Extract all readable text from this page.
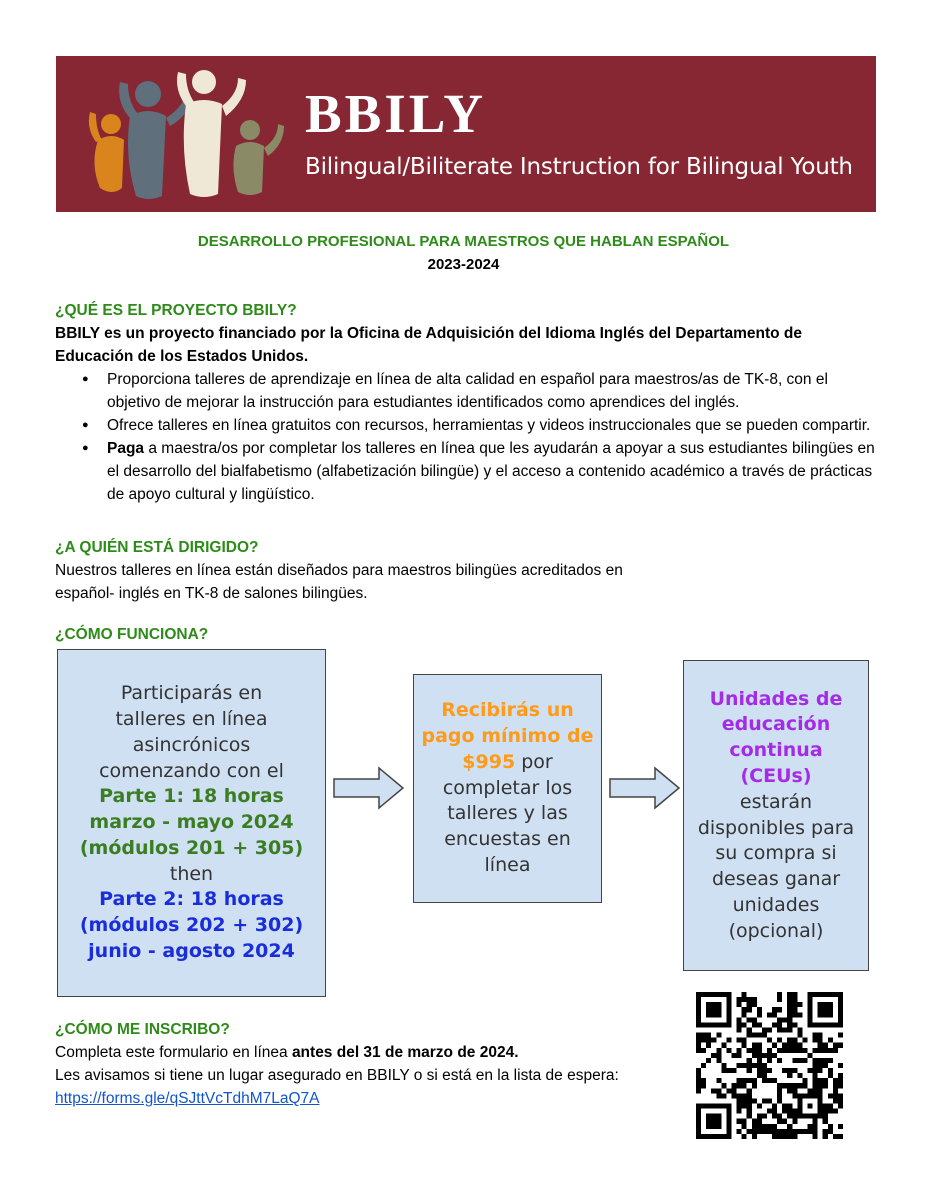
BBILY
Bilingual/Biliterate Instruction for Bilingual Youth
DESARROLLO PROFESIONAL PARA MAESTROS QUE HABLAN ESPAÑOL
2023-2024
¿QUÉ ES EL PROYECTO BBILY?
BBILY es un proyecto financiado por la Oficina de Adquisición del Idioma Inglés del Departamento de Educación de los Estados Unidos.
● Proporciona talleres de aprendizaje en línea de alta calidad en español para maestros/as de TK-8, con el objetivo de mejorar la instrucción para estudiantes identificados como aprendices del inglés.
● Ofrece talleres en línea gratuitos con recursos, herramientas y videos instruccionales que se pueden compartir.
● Paga a maestra/os por completar los talleres en línea que les ayudarán a apoyar a sus estudiantes bilingües en el desarrollo del bialfabetismo (alfabetización bilingüe) y el acceso a contenido académico a través de prácticas de apoyo cultural y lingüístico.
¿A QUIÉN ESTÁ DIRIGIDO?
Nuestros talleres en línea están diseñados para maestros bilingües acreditados en
español- inglés en TK-8 de salones bilingües.
¿CÓMO FUNCIONA?
Participarás en
talleres en línea
asincrónicos
comenzando con el
Parte 1: 18 horas
marzo - mayo 2024
(módulos 201 + 305)
then
Parte 2: 18 horas
(módulos 202 + 302)
junio - agosto 2024
Recibirás un
pago mínimo de
$995 por
completar los
talleres y las
encuestas en
línea
Unidades de
educación
continua
(CEUs)
estarán
disponibles para
su compra si
deseas ganar
unidades
(opcional)
¿CÓMO ME INSCRIBO?
Completa este formulario en línea antes del 31 de marzo de 2024.
Les avisamos si tiene un lugar asegurado en BBILY o si está en la lista de espera:
https://forms.gle/qSJttVcTdhM7LaQ7A
